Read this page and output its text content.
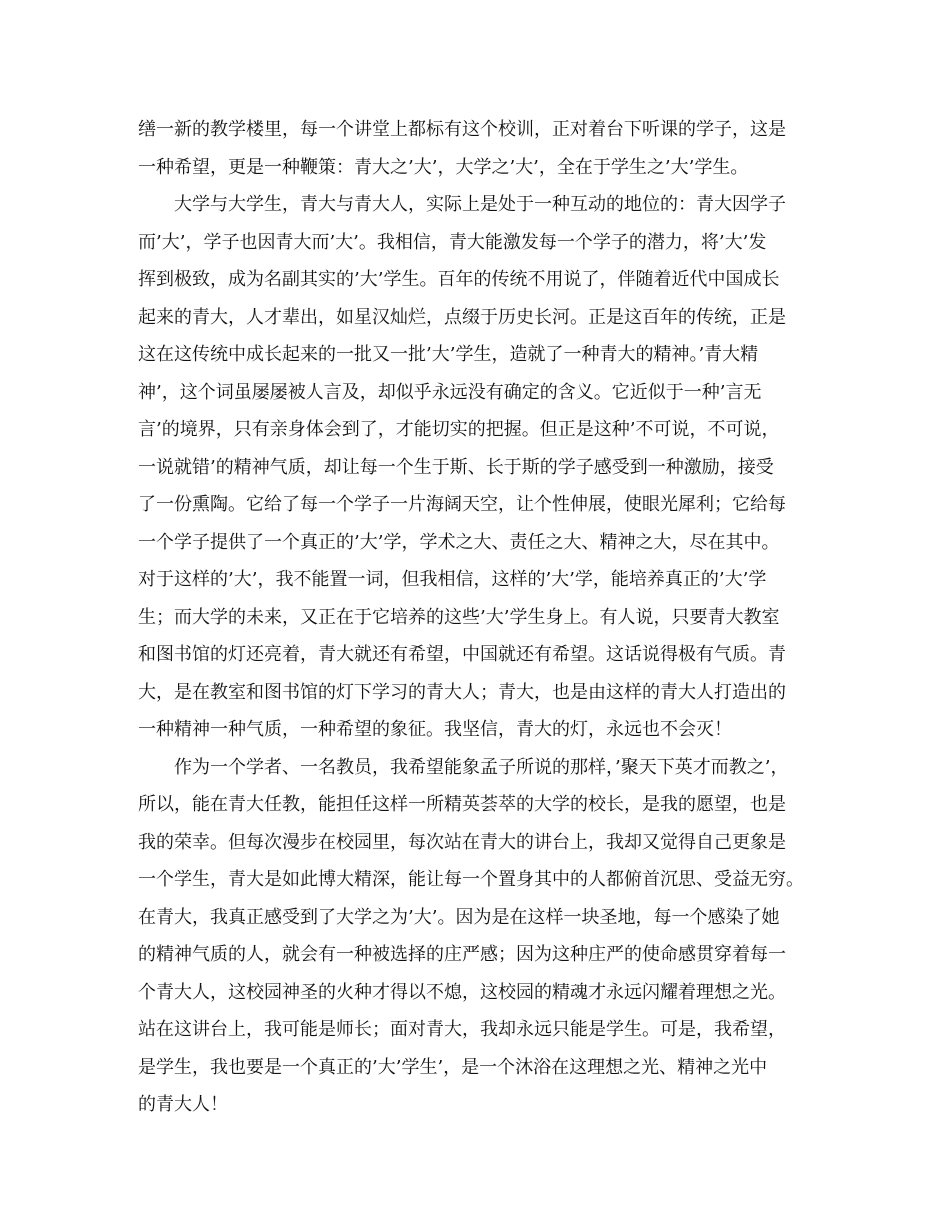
缮一新的教学楼里，每一个讲堂上都标有这个校训，正对着台下听课的学子，这是
一种希望，更是一种鞭策：青大之’大’，大学之’大’，全在于学生之’大’学生。
大学与大学生，青大与青大人，实际上是处于一种互动的地位的：青大因学子
而’大’，学子也因青大而’大’。我相信，青大能激发每一个学子的潜力，将’大’发
挥到极致，成为名副其实的’大’学生。百年的传统不用说了，伴随着近代中国成长
起来的青大，人才辈出，如星汉灿烂，点缀于历史长河。正是这百年的传统，正是
这在这传统中成长起来的一批又一批’大’学生，造就了一种青大的精神。’青大精
神’，这个词虽屡屡被人言及，却似乎永远没有确定的含义。它近似于一种’言无
言’的境界，只有亲身体会到了，才能切实的把握。但正是这种’不可说，不可说，
一说就错’的精神气质，却让每一个生于斯、长于斯的学子感受到一种激励，接受
了一份熏陶。它给了每一个学子一片海阔天空，让个性伸展，使眼光犀利；它给每
一个学子提供了一个真正的’大’学，学术之大、责任之大、精神之大，尽在其中。
对于这样的’大’，我不能置一词，但我相信，这样的’大’学，能培养真正的’大’学
生；而大学的未来，又正在于它培养的这些’大’学生身上。有人说，只要青大教室
和图书馆的灯还亮着，青大就还有希望，中国就还有希望。这话说得极有气质。青
大，是在教室和图书馆的灯下学习的青大人；青大，也是由这样的青大人打造出的
一种精神一种气质，一种希望的象征。我坚信，青大的灯，永远也不会灭！
作为一个学者、一名教员，我希望能象孟子所说的那样，’聚天下英才而教之’，
所以，能在青大任教，能担任这样一所精英荟萃的大学的校长，是我的愿望，也是
我的荣幸。但每次漫步在校园里，每次站在青大的讲台上，我却又觉得自己更象是
一个学生，青大是如此博大精深，能让每一个置身其中的人都俯首沉思、受益无穷。
在青大，我真正感受到了大学之为’大’。因为是在这样一块圣地，每一个感染了她
的精神气质的人，就会有一种被选择的庄严感；因为这种庄严的使命感贯穿着每一
个青大人，这校园神圣的火种才得以不熄，这校园的精魂才永远闪耀着理想之光。
站在这讲台上，我可能是师长；面对青大，我却永远只能是学生。可是，我希望，
是学生，我也要是一个真正的’大’学生’，是一个沐浴在这理想之光、精神之光中
的青大人！
